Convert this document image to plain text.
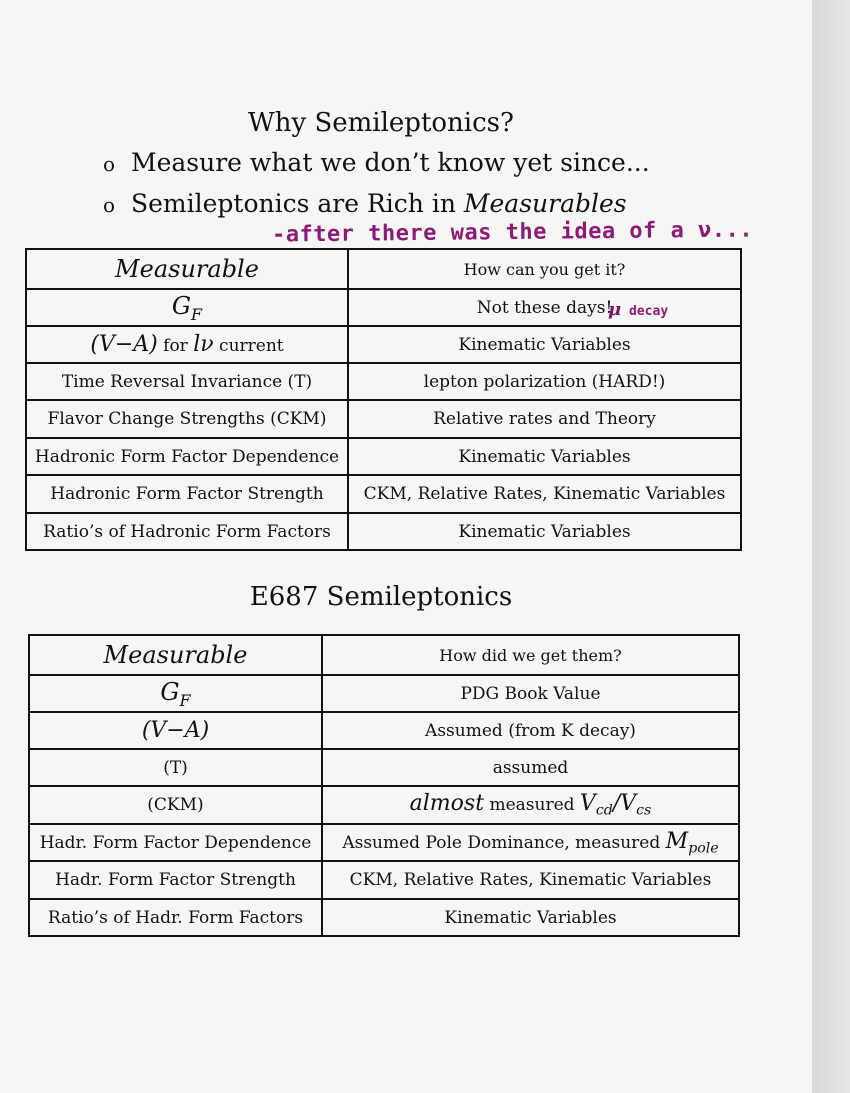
Why Semileptonics?
o Measure what we don’t know yet since...
o Semileptonics are Rich in Measurables
-after there was the idea of a ν...
Measurable	How can you get it?
$G_F$	Not these days!
(V−A) for lν current	Kinematic Variables
Time Reversal Invariance (T)	lepton polarization (HARD!)
Flavor Change Strengths (CKM)	Relative rates and Theory
Hadronic Form Factor Dependence	Kinematic Variables
Hadronic Form Factor Strength	CKM, Relative Rates, Kinematic Variables
Ratio’s of Hadronic Form Factors	Kinematic Variables
μ decay
E687 Semileptonics
Measurable	How did we get them?
$G_F$	PDG Book Value
(V−A)	Assumed (from K decay)
(T)	assumed
(CKM)	almost measured $V_{cd}/V_{cs}$
Hadr. Form Factor Dependence	Assumed Pole Dominance, measured $M_{pole}$
Hadr. Form Factor Strength	CKM, Relative Rates, Kinematic Variables
Ratio’s of Hadr. Form Factors	Kinematic Variables
